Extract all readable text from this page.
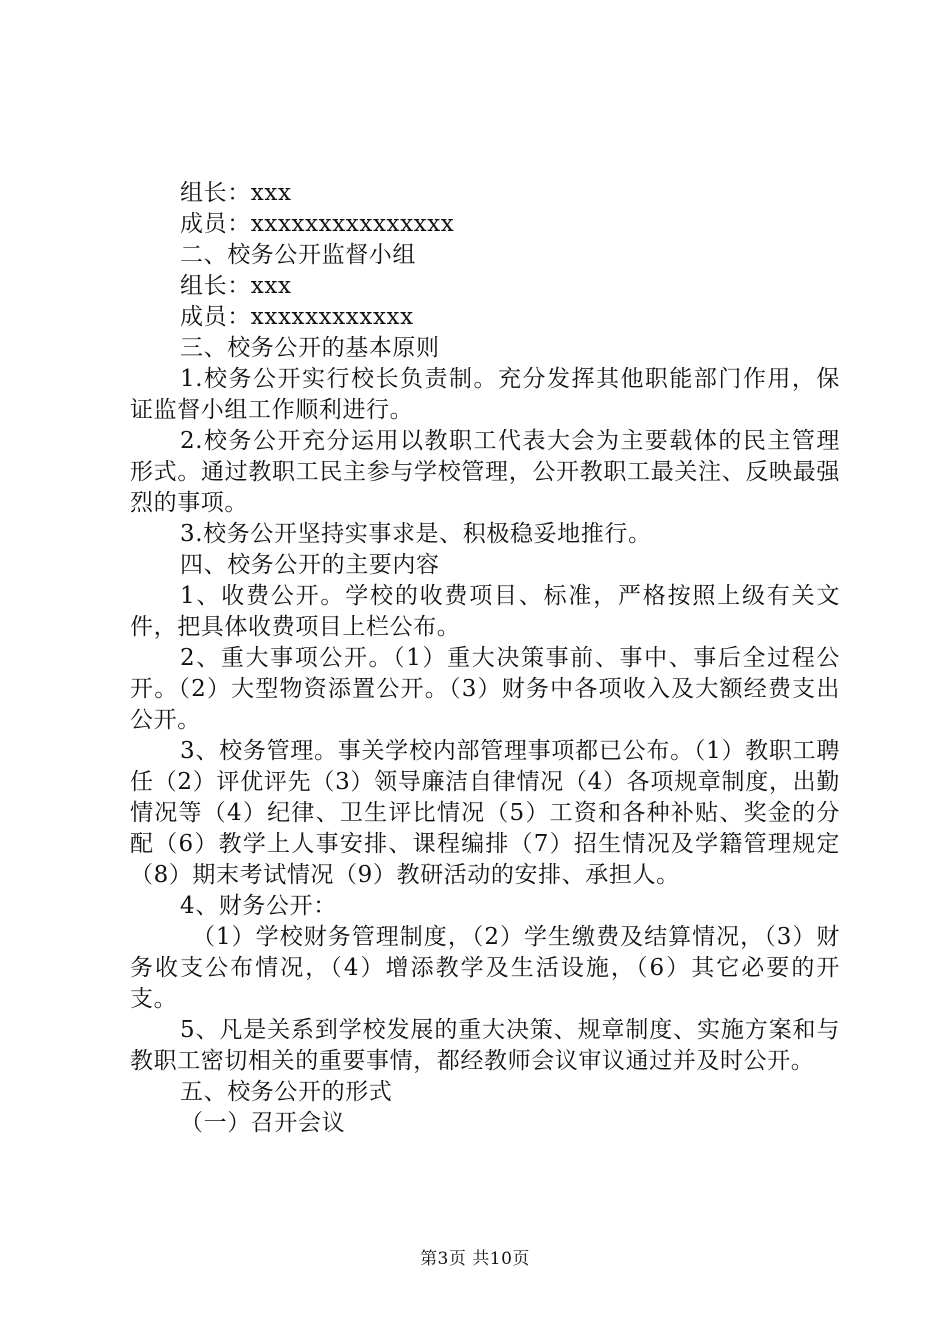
组长：xxx

成员：xxxxxxxxxxxxxxx

二、校务公开监督小组

组长：xxx

成员：xxxxxxxxxxxx

三、校务公开的基本原则

1.校务公开实行校长负责制。充分发挥其他职能部门作用，保证监督小组工作顺利进行。

2.校务公开充分运用以教职工代表大会为主要载体的民主管理形式。通过教职工民主参与学校管理，公开教职工最关注、反映最强烈的事项。

3.校务公开坚持实事求是、积极稳妥地推行。

四、校务公开的主要内容

1、收费公开。学校的收费项目、标准，严格按照上级有关文件，把具体收费项目上栏公布。

2、重大事项公开。（1）重大决策事前、事中、事后全过程公开。（2）大型物资添置公开。（3）财务中各项收入及大额经费支出公开。

3、校务管理。事关学校内部管理事项都已公布。（1）教职工聘任（2）评优评先（3）领导廉洁自律情况（4）各项规章制度，出勤情况等（4）纪律、卫生评比情况（5）工资和各种补贴、奖金的分配（6）教学上人事安排、课程编排（7）招生情况及学籍管理规定（8）期末考试情况（9）教研活动的安排、承担人。

4、财务公开：

（1）学校财务管理制度，（2）学生缴费及结算情况，（3）财务收支公布情况，（4）增添教学及生活设施，（6）其它必要的开支。

5、凡是关系到学校发展的重大决策、规章制度、实施方案和与教职工密切相关的重要事情，都经教师会议审议通过并及时公开。

五、校务公开的形式

（一）召开会议

第3页 共10页
